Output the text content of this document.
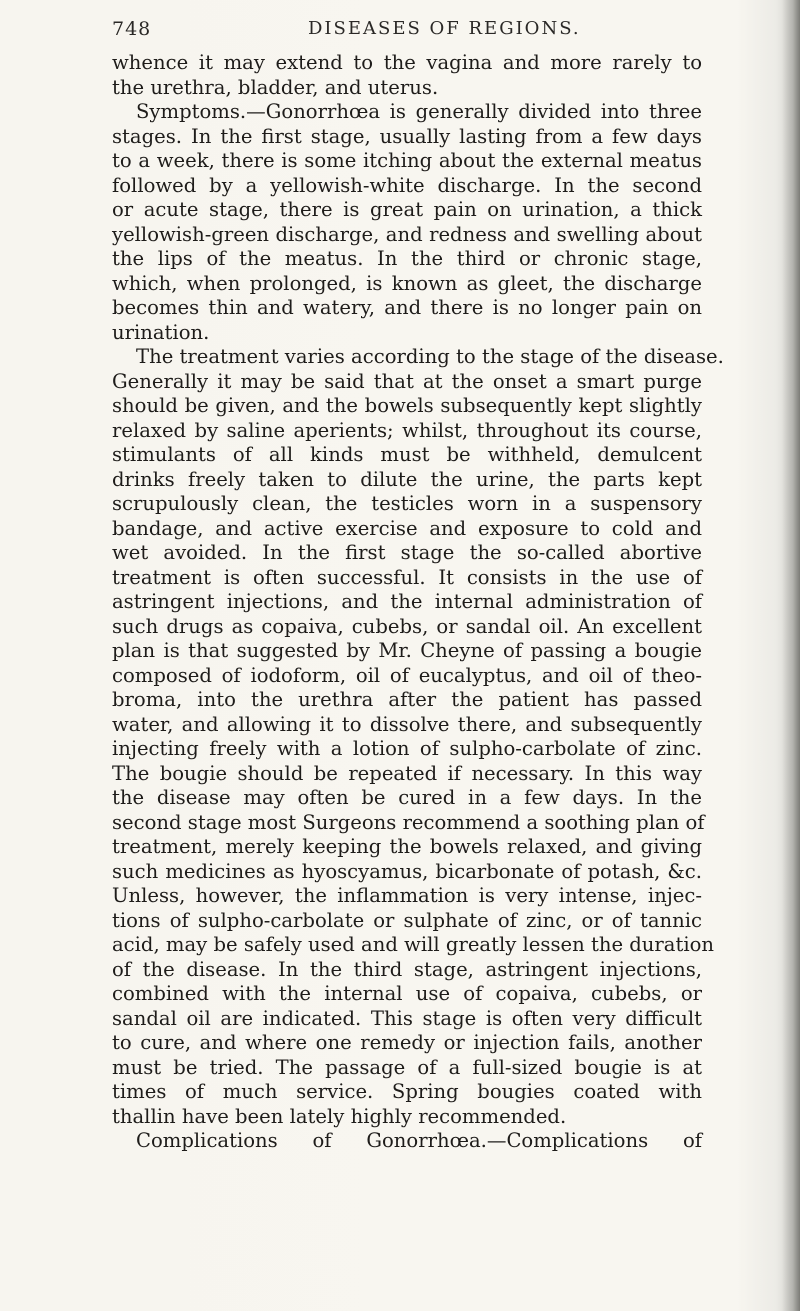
748	DISEASES OF REGIONS.
whence it may extend to the vagina and more rarely to
the urethra, bladder, and uterus.
Symptoms.—Gonorrhœa is generally divided into three
stages. In the first stage, usually lasting from a few days
to a week, there is some itching about the external meatus
followed by a yellowish-white discharge. In the second
or acute stage, there is great pain on urination, a thick
yellowish-green discharge, and redness and swelling about
the lips of the meatus. In the third or chronic stage,
which, when prolonged, is known as gleet, the discharge
becomes thin and watery, and there is no longer pain on
urination.
The treatment varies according to the stage of the disease.
Generally it may be said that at the onset a smart purge
should be given, and the bowels subsequently kept slightly
relaxed by saline aperients; whilst, throughout its course,
stimulants of all kinds must be withheld, demulcent
drinks freely taken to dilute the urine, the parts kept
scrupulously clean, the testicles worn in a suspensory
bandage, and active exercise and exposure to cold and
wet avoided. In the first stage the so-called abortive
treatment is often successful. It consists in the use of
astringent injections, and the internal administration of
such drugs as copaiva, cubebs, or sandal oil. An excellent
plan is that suggested by Mr. Cheyne of passing a bougie
composed of iodoform, oil of eucalyptus, and oil of theo-
broma, into the urethra after the patient has passed
water, and allowing it to dissolve there, and subsequently
injecting freely with a lotion of sulpho-carbolate of zinc.
The bougie should be repeated if necessary. In this way
the disease may often be cured in a few days. In the
second stage most Surgeons recommend a soothing plan of
treatment, merely keeping the bowels relaxed, and giving
such medicines as hyoscyamus, bicarbonate of potash, &c.
Unless, however, the inflammation is very intense, injec-
tions of sulpho-carbolate or sulphate of zinc, or of tannic
acid, may be safely used and will greatly lessen the duration
of the disease. In the third stage, astringent injections,
combined with the internal use of copaiva, cubebs, or
sandal oil are indicated. This stage is often very difficult
to cure, and where one remedy or injection fails, another
must be tried. The passage of a full-sized bougie is at
times of much service. Spring bougies coated with
thallin have been lately highly recommended.
Complications of Gonorrhœa.—Complications of
